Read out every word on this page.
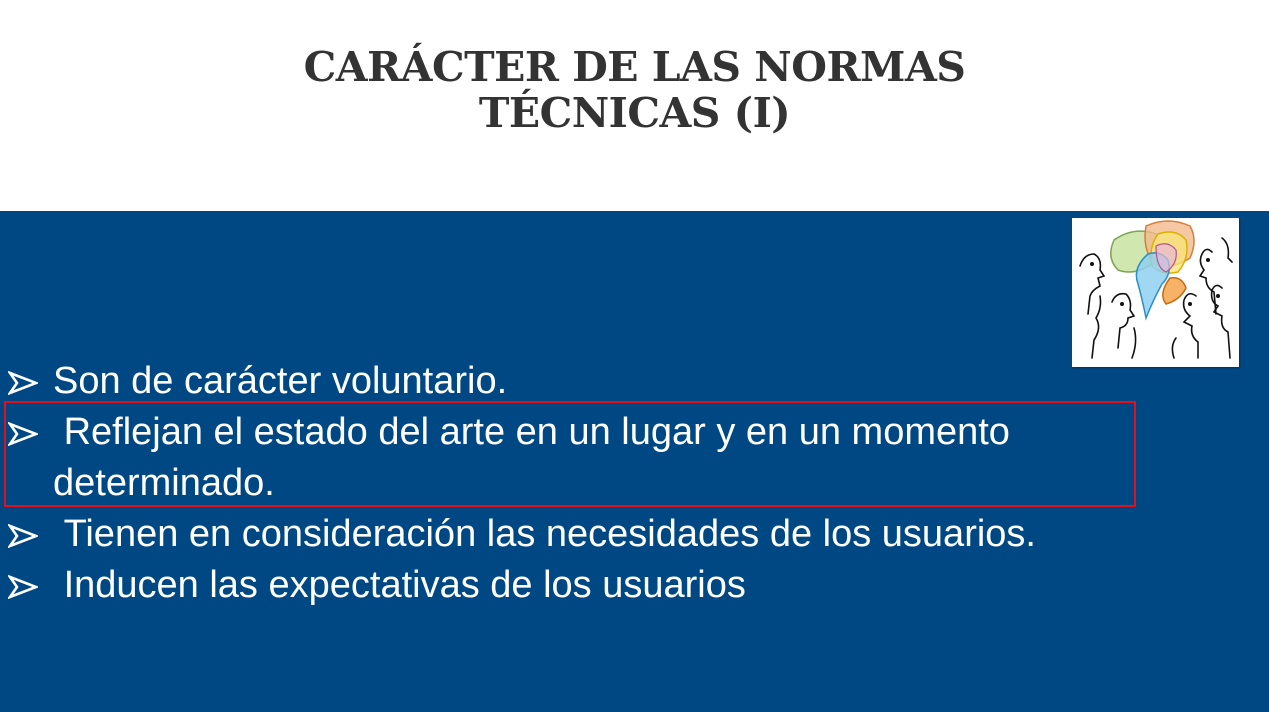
CARÁCTER DE LAS NORMAS
TÉCNICAS (I)
Son de carácter voluntario.
Reflejan el estado del arte en un lugar y en un momento determinado.
Tienen en consideración las necesidades de los usuarios.
Inducen las expectativas de los usuarios
